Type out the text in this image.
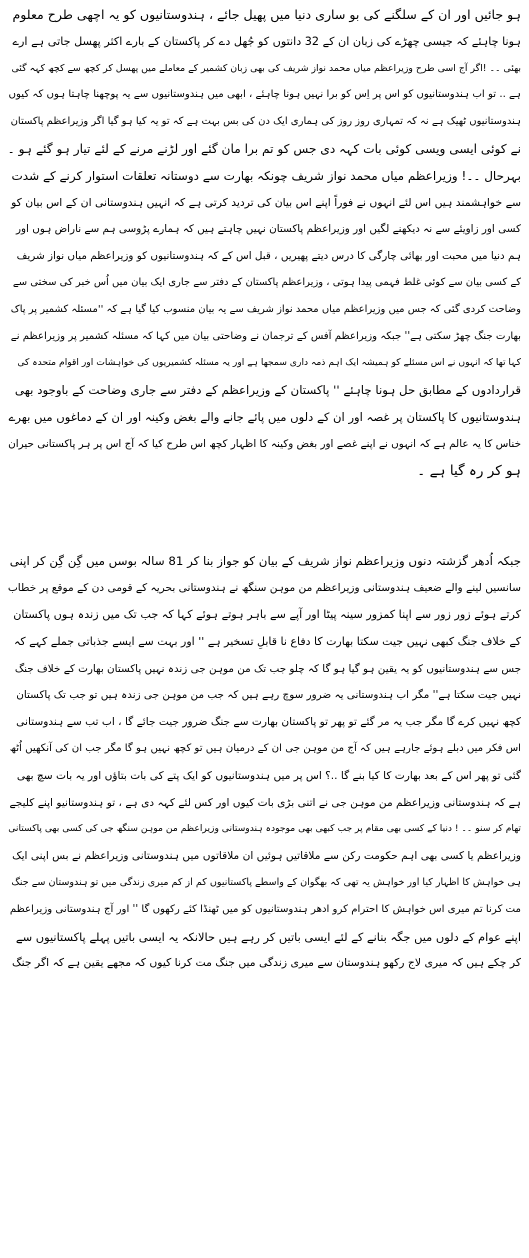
ہو جائیں اور ان کے سلگنے کی بو ساری دنیا میں پھیل جائے ، ہندوستانیوں کو یہ اچھی طرح معلوم
ہونا چاہئے کہ جیسی چھڑے کی زبان ان کے 32 دانتوں کو جُھل دے کر پاکستان کے بارے اکثر پھسل جاتی ہے ارے
بھئی ۔۔ !اگر آج اسی طرح وزیراعظم میاں محمد نواز شریف کی بھی زبان کشمیر کے معاملے میں پھسل کر کچھ سے کچھ کہہ گئی
ہے .. تو اب ہندوستانیوں کو اس پر اِس کو برا نہیں ہونا چاہئے ، ابھی میں ہندوستانیوں سے یہ پوچھنا چاہتا ہوں کہ کیوں
ہندوستانیوں ٹھیک ہے نہ کہ تمہاری روز روز کی ہماری ایک دن کی بس بہت ہے کہ تو یہ کیا ہو گیا اگر وزیراعظم پاکستان
نے کوئی ایسی ویسی کوئی بات کہہ دی جس کو تم برا مان گئے اور لڑنے مرنے کے لئے تیار ہو گئے ہو ۔
بہرحال ۔۔! وزیراعظم میاں محمد نواز شریف چونکہ بھارت سے دوستانہ تعلقات استوار کرنے کے شدت
سے خواہشمند ہیں اس لئے انہوں نے فوراً اپنے اس بیان کی تردید کرتی ہے کہ انہیں ہندوستانی ان کے اس بیان کو
کسی اور زاویئے سے نہ دیکھنے لگیں اور وزیراعظم پاکستان نہیں چاہتے ہیں کہ ہمارے پڑوسی ہم سے ناراض ہوں اور
ہم دنیا میں محبت اور بھائی چارگی کا درس دیتے پھیریں ، قبل اس کے کہ ہندوستانیوں کو وزیراعظم میاں نواز شریف
کے کسی بیان سے کوئی غلط فہمی پیدا ہوتی ، وزیراعظم پاکستان کے دفتر سے جاری ایک بیان میں اُس خبر کی سختی سے
وضاحت کردی گئی کہ جس میں وزیراعظم میاں محمد نواز شریف سے یہ بیان منسوب کیا گیا ہے کہ ''مسئلہ کشمیر پر پاک
بھارت جنگ چھڑ سکتی ہے'' جبکہ وزیراعظم آفس کے ترجمان نے وضاحتی بیان میں کہا کہ مسئلہ کشمیر پر وزیراعظم نے
کہا تھا کہ انہوں نے اس مسئلے کو ہمیشہ ایک اہم ذمہ داری سمجھا ہے اور یہ مسئلہ کشمیریوں کی خواہشات اور اقوام متحدہ کی
قراردادوں کے مطابق حل ہونا چاہئے '' پاکستان کے وزیراعظم کے دفتر سے جاری وضاحت کے باوجود بھی
ہندوستانیوں کا پاکستان پر غصہ اور ان کے دلوں میں پائے جانے والے بغض وکینہ اور ان کے دماغوں میں بھرے
خناس کا یہ عالم ہے کہ انہوں نے اپنے غصے اور بغض وکینہ کا اظہار کچھ اس طرح کیا کہ آج اس پر ہر پاکستانی حیران
ہو کر رہ گیا ہے ۔
جبکہ اُدھر گزشتہ دنوں وزیراعظم نواز شریف کے بیان کو جواز بنا کر 81 سالہ بوسں میں گِن گِن کر اپنی
سانسیں لینے والے ضعیف ہندوستانی وزیراعظم من موہن سنگھ نے ہندوستانی بحریہ کے قومی دن کے موقع پر خطاب
کرتے ہوئے زور زور سے اپنا کمزور سینہ پیٹا اور آپے سے باہر ہوتے ہوئے کہا کہ جب تک میں زندہ ہوں پاکستان
کے خلاف جنگ کبھی نہیں جیت سکتا بھارت کا دفاع نا قابلِ تسخیر ہے '' اور بہت سے ایسے جذباتی جملے کہے کہ
جس سے ہندوستانیوں کو یہ یقین ہو گیا ہو گا کہ چلو جب تک من موہن جی زندہ نہیں پاکستان بھارت کے خلاف جنگ
نہیں جیت سکتا ہے'' مگر اب ہندوستانی یہ ضرور سوچ رہے ہیں کہ جب من موہن جی زندہ ہیں تو جب تک پاکستان
کچھ نہیں کرے گا مگر جب یہ مر گئے تو پھر تو پاکستان بھارت سے جنگ ضرور جیت جائے گا ، اب تب سے ہندوستانی
اس فکر میں دبلے ہوئے جارہے ہیں کہ آج من موہن جی ان کے درمیان ہیں تو کچھ نہیں ہو گا مگر جب ان کی آنکھیں اُٹھ
گئی تو پھر اس کے بعد بھارت کا کیا بنے گا ..؟ اس پر میں ہندوستانیوں کو ایک پتے کی بات بتاؤں اور یہ بات سچ بھی
ہے کہ ہندوستانی وزیراعظم من موہن جی نے اتنی بڑی بات کیوں اور کس لئے کہہ دی ہے ، تو ہندوستانیو اپنے کلیجے
تھام کر سنو ۔۔ ! دنیا کے کسی بھی مقام پر جب کبھی بھی موجودہ ہندوستانی وزیراعظم من موہن سنگھ جی کی کسی بھی پاکستانی
وزیراعظم یا کسی بھی اہم حکومت رکن سے ملاقاتیں ہوئیں ان ملاقاتوں میں ہندوستانی وزیراعظم نے بس اپنی ایک
ہی خواہش کا اظہار کیا اور خواہش یہ تھی کہ بھگوان کے واسطے پاکستانیوں کم از کم میری زندگی میں تو ہندوستان سے جنگ
مت کرنا تم میری اس خواہش کا احترام کرو ادھر ہندوستانیوں کو میں ٹھنڈا کئے رکھوں گا '' اور آج ہندوستانی وزیراعظم
اپنے عوام کے دلوں میں جگہ بنانے کے لئے ایسی باتیں کر رہے ہیں حالانکہ یہ ایسی باتیں پہلے پاکستانیوں سے
کر چکے ہیں کہ میری لاج رکھو ہندوستان سے میری زندگی میں جنگ مت کرنا کیوں کہ مجھے یقین ہے کہ اگر جنگ
